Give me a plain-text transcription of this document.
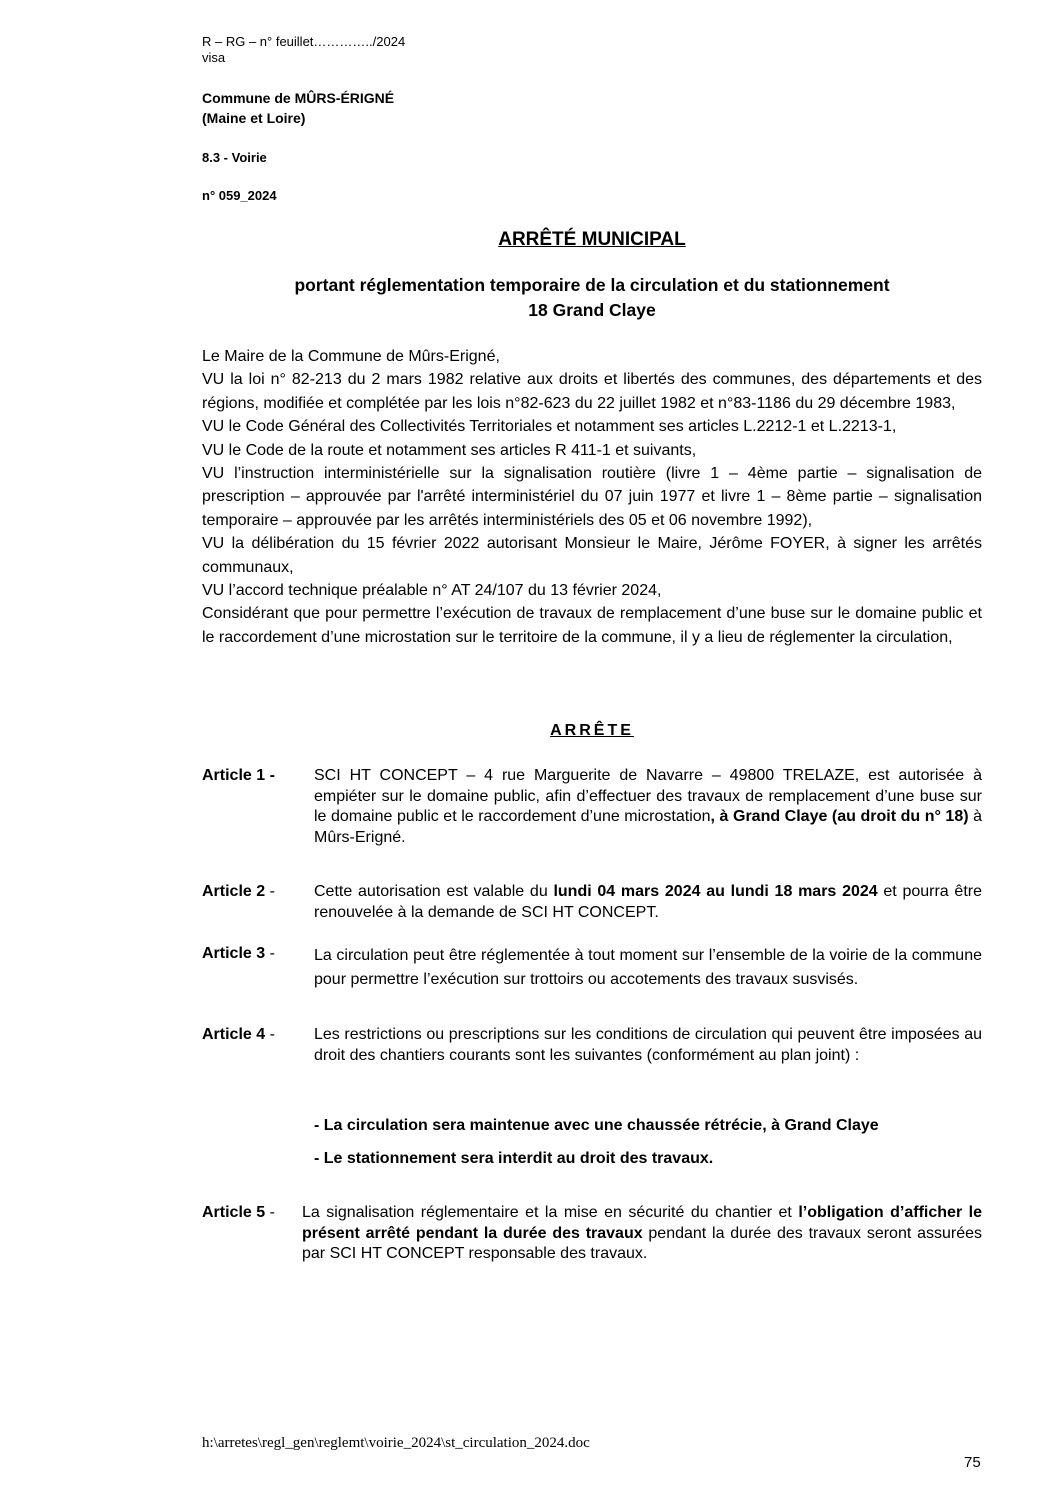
R – RG – n° feuillet…………../2024
visa
Commune de MÛRS-ÉRIGNÉ
(Maine et Loire)
8.3 - Voirie
n° 059_2024
ARRÊTÉ MUNICIPAL
portant réglementation temporaire de la circulation et du stationnement
18 Grand Claye
Le Maire de la Commune de Mûrs-Erigné,
VU la loi n° 82-213 du 2 mars 1982 relative aux droits et libertés des communes, des départements et des régions, modifiée et complétée par les lois n°82-623 du 22 juillet 1982 et n°83-1186 du 29 décembre 1983,
VU le Code Général des Collectivités Territoriales et notamment ses articles L.2212-1 et L.2213-1,
VU le Code de la route et notamment ses articles R 411-1 et suivants,
VU l’instruction interministérielle sur la signalisation routière (livre 1 – 4ème partie – signalisation de prescription – approuvée par l'arrêté interministériel du 07 juin 1977 et livre 1 – 8ème partie – signalisation temporaire – approuvée par les arrêtés interministériels des 05 et 06 novembre 1992),
VU la délibération du 15 février 2022 autorisant Monsieur le Maire, Jérôme FOYER, à signer les arrêtés communaux,
VU l’accord technique préalable n° AT 24/107 du 13 février 2024,
Considérant que pour permettre l’exécution de travaux de remplacement d’une buse sur le domaine public et le raccordement d’une microstation sur le territoire de la commune, il y a lieu de réglementer la circulation,
ARRÊTE
Article 1 - SCI HT CONCEPT – 4 rue Marguerite de Navarre – 49800 TRELAZE, est autorisée à empiéter sur le domaine public, afin d’effectuer des travaux de remplacement d’une buse sur le domaine public et le raccordement d’une microstation, à Grand Claye (au droit du n° 18) à Mûrs-Erigné.
Article 2 - Cette autorisation est valable du lundi 04 mars 2024 au lundi 18 mars 2024 et pourra être renouvelée à la demande de SCI HT CONCEPT.
Article 3 - La circulation peut être réglementée à tout moment sur l’ensemble de la voirie de la commune pour permettre l’exécution sur trottoirs ou accotements des travaux susvisés.
Article 4 - Les restrictions ou prescriptions sur les conditions de circulation qui peuvent être imposées au droit des chantiers courants sont les suivantes (conformément au plan joint) :
- La circulation sera maintenue avec une chaussée rétrécie, à Grand Claye
- Le stationnement sera interdit au droit des travaux.
Article 5 - La signalisation réglementaire et la mise en sécurité du chantier et l’obligation d’afficher le présent arrêté pendant la durée des travaux pendant la durée des travaux seront assurées par SCI HT CONCEPT responsable des travaux.
h:\arretes\regl_gen\reglemt\voirie_2024\st_circulation_2024.doc
75
